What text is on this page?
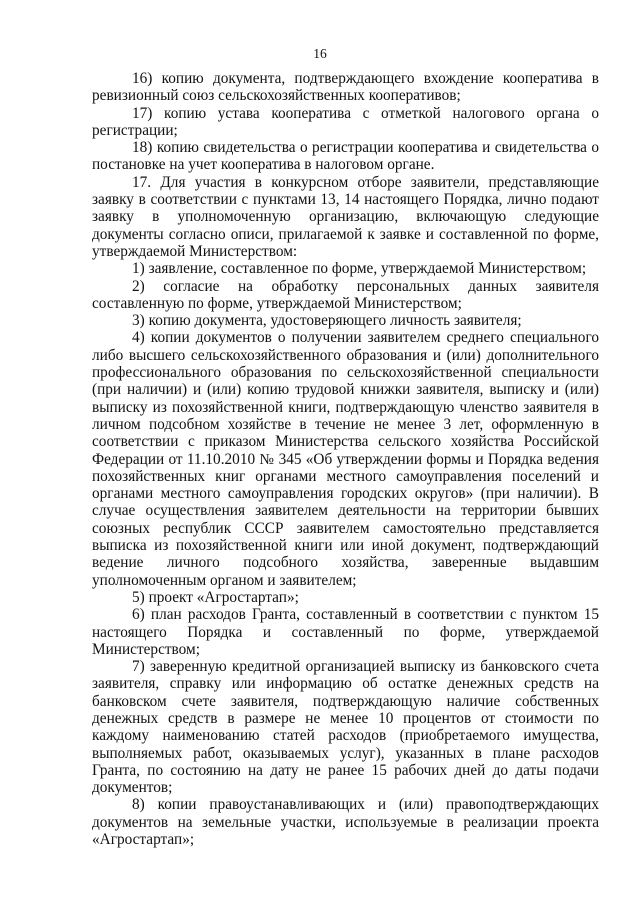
16

16) копию документа, подтверждающего вхождение кооператива в ревизионный союз сельскохозяйственных кооперативов;

17) копию устава кооператива с отметкой налогового органа о регистрации;

18) копию свидетельства о регистрации кооператива и свидетельства о постановке на учет кооператива в налоговом органе.

17. Для участия в конкурсном отборе заявители, представляющие заявку в соответствии с пунктами 13, 14 настоящего Порядка, лично подают заявку в уполномоченную организацию, включающую следующие документы согласно описи, прилагаемой к заявке и составленной по форме, утверждаемой Министерством:

1) заявление, составленное по форме, утверждаемой Министерством;

2) согласие на обработку персональных данных заявителя составленную по форме, утверждаемой Министерством;

3) копию документа, удостоверяющего личность заявителя;

4) копии документов о получении заявителем среднего специального либо высшего сельскохозяйственного образования и (или) дополнительного профессионального образования по сельскохозяйственной специальности (при наличии) и (или) копию трудовой книжки заявителя, выписку и (или) выписку из похозяйственной книги, подтверждающую членство заявителя в личном подсобном хозяйстве в течение не менее 3 лет, оформленную в соответствии с приказом Министерства сельского хозяйства Российской Федерации от 11.10.2010 № 345 «Об утверждении формы и Порядка ведения похозяйственных книг органами местного самоуправления поселений и органами местного самоуправления городских округов» (при наличии). В случае осуществления заявителем деятельности на территории бывших союзных республик СССР заявителем самостоятельно представляется выписка из похозяйственной книги или иной документ, подтверждающий ведение личного подсобного хозяйства, заверенные выдавшим уполномоченным органом и заявителем;

5) проект «Агростартап»;

6) план расходов Гранта, составленный в соответствии с пунктом 15 настоящего Порядка и составленный по форме, утверждаемой Министерством;

7) заверенную кредитной организацией выписку из банковского счета заявителя, справку или информацию об остатке денежных средств на банковском счете заявителя, подтверждающую наличие собственных денежных средств в размере не менее 10 процентов от стоимости по каждому наименованию статей расходов (приобретаемого имущества, выполняемых работ, оказываемых услуг), указанных в плане расходов Гранта, по состоянию на дату не ранее 15 рабочих дней до даты подачи документов;

8) копии правоустанавливающих и (или) правоподтверждающих документов на земельные участки, используемые в реализации проекта «Агростартап»;
